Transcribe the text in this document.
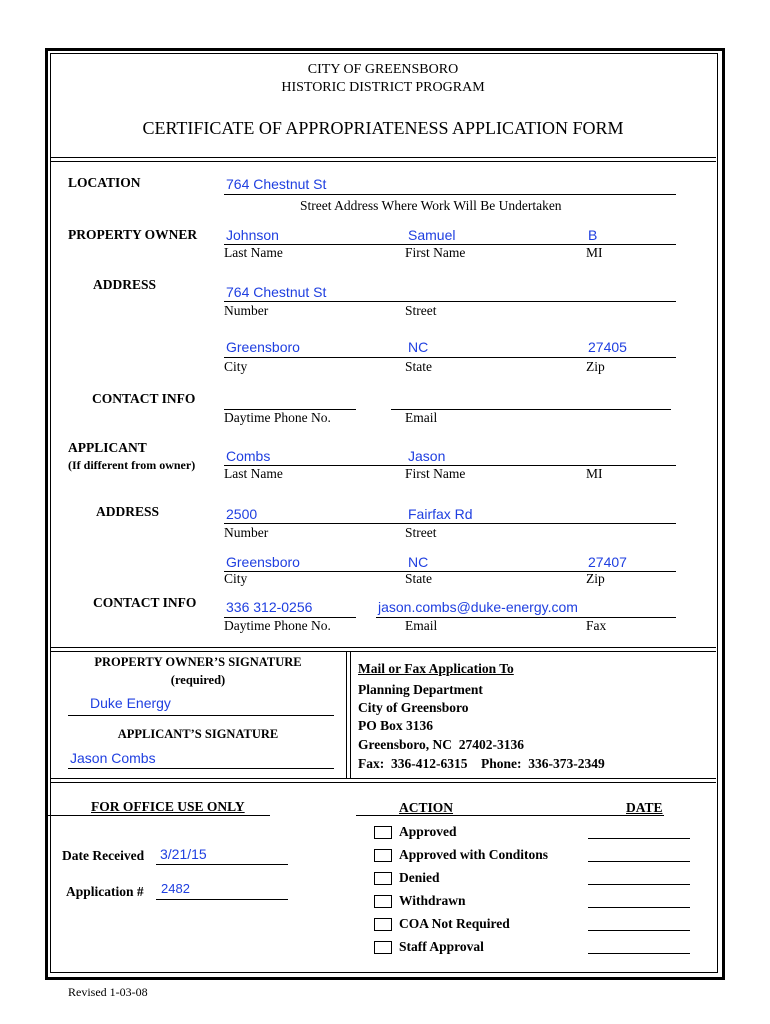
CITY OF GREENSBORO
HISTORIC DISTRICT PROGRAM
CERTIFICATE OF APPROPRIATENESS APPLICATION FORM
LOCATION	764 Chestnut St
Street Address Where Work Will Be Undertaken
PROPERTY OWNER Johnson	Samuel	B
Last Name	First Name	MI
ADDRESS	764 Chestnut St
Number	Street
Greensboro	NC	27405
City	State	Zip
CONTACT INFO
Daytime Phone No.	Email
APPLICANT
(If different from owner)
Combs	Jason
Last Name	First Name	MI
ADDRESS	2500	Fairfax Rd
Number	Street
Greensboro	NC	27407
City	State	Zip
CONTACT INFO 336 312-0256	jason.combs@duke-energy.com
Daytime Phone No.	Email	Fax
PROPERTY OWNER’S SIGNATURE
(required)
Duke Energy
APPLICANT’S SIGNATURE
Jason Combs
Mail or Fax Application To
Planning Department
City of Greensboro
PO Box 3136
Greensboro, NC  27402-3136
Fax:  336-412-6315    Phone:  336-373-2349
FOR OFFICE USE ONLY
Date Received 3/21/15
Application # 2482
ACTION	DATE
Approved
Approved with Conditons
Denied
Withdrawn
COA Not Required
Staff Approval
Revised 1-03-08
